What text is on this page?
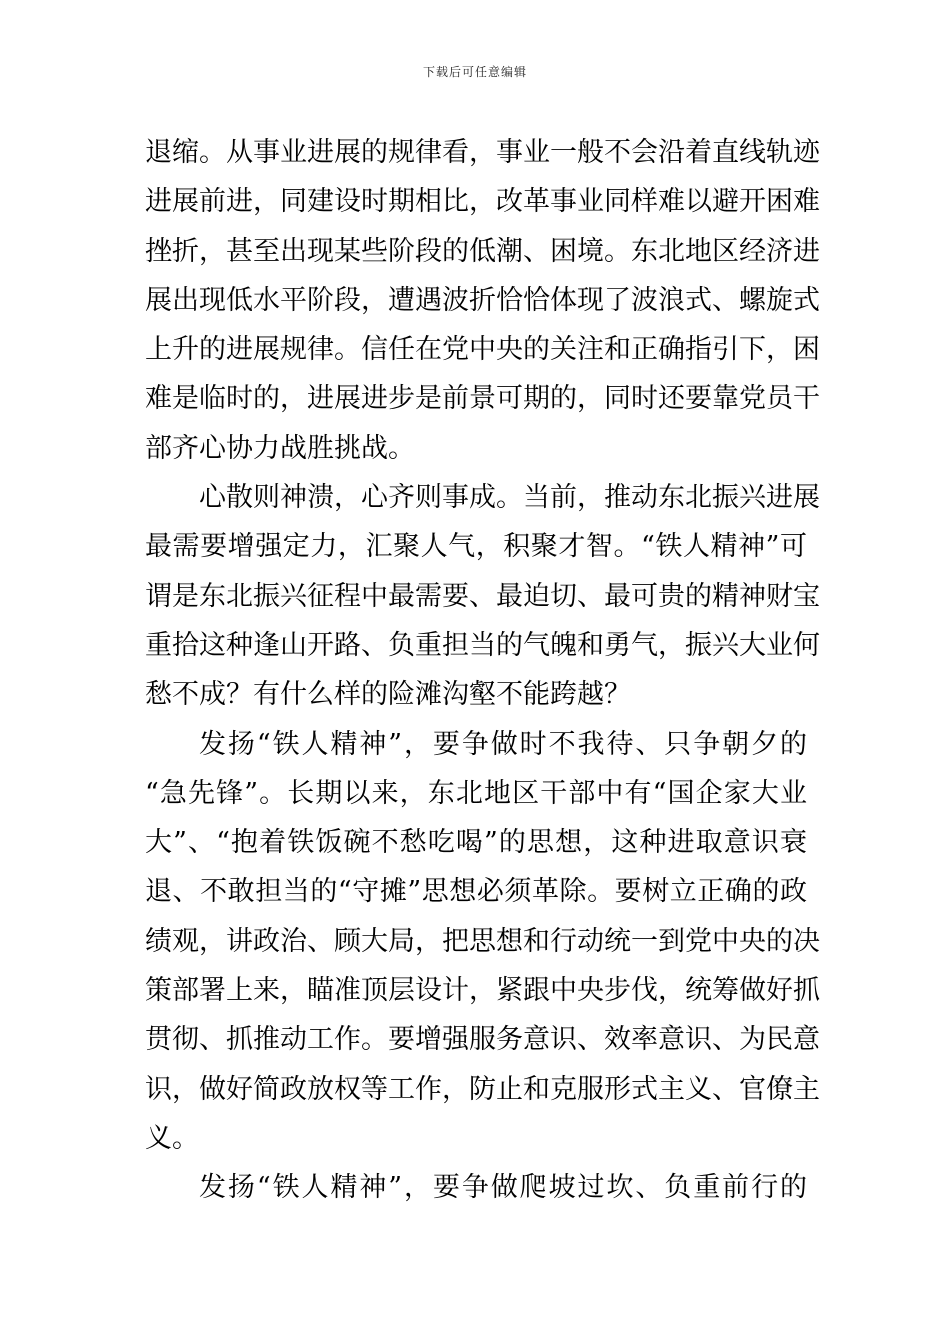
下载后可任意编辑
退缩。从事业进展的规律看，事业一般不会沿着直线轨迹
进展前进，同建设时期相比，改革事业同样难以避开困难
挫折，甚至出现某些阶段的低潮、困境。东北地区经济进
展出现低水平阶段，遭遇波折恰恰体现了波浪式、螺旋式
上升的进展规律。信任在党中央的关注和正确指引下，困
难是临时的，进展进步是前景可期的，同时还要靠党员干
部齐心协力战胜挑战。
心散则神溃，心齐则事成。当前，推动东北振兴进展
最需要增强定力，汇聚人气，积聚才智。“铁人精神”可
谓是东北振兴征程中最需要、最迫切、最可贵的精神财宝
重拾这种逢山开路、负重担当的气魄和勇气，振兴大业何
愁不成？有什么样的险滩沟壑不能跨越？
发扬“铁人精神”，要争做时不我待、只争朝夕的
“急先锋”。长期以来，东北地区干部中有“国企家大业
大”、“抱着铁饭碗不愁吃喝”的思想，这种进取意识衰
退、不敢担当的“守摊”思想必须革除。要树立正确的政
绩观，讲政治、顾大局，把思想和行动统一到党中央的决
策部署上来，瞄准顶层设计，紧跟中央步伐，统筹做好抓
贯彻、抓推动工作。要增强服务意识、效率意识、为民意
识，做好简政放权等工作，防止和克服形式主义、官僚主
义。
发扬“铁人精神”，要争做爬坡过坎、负重前行的
